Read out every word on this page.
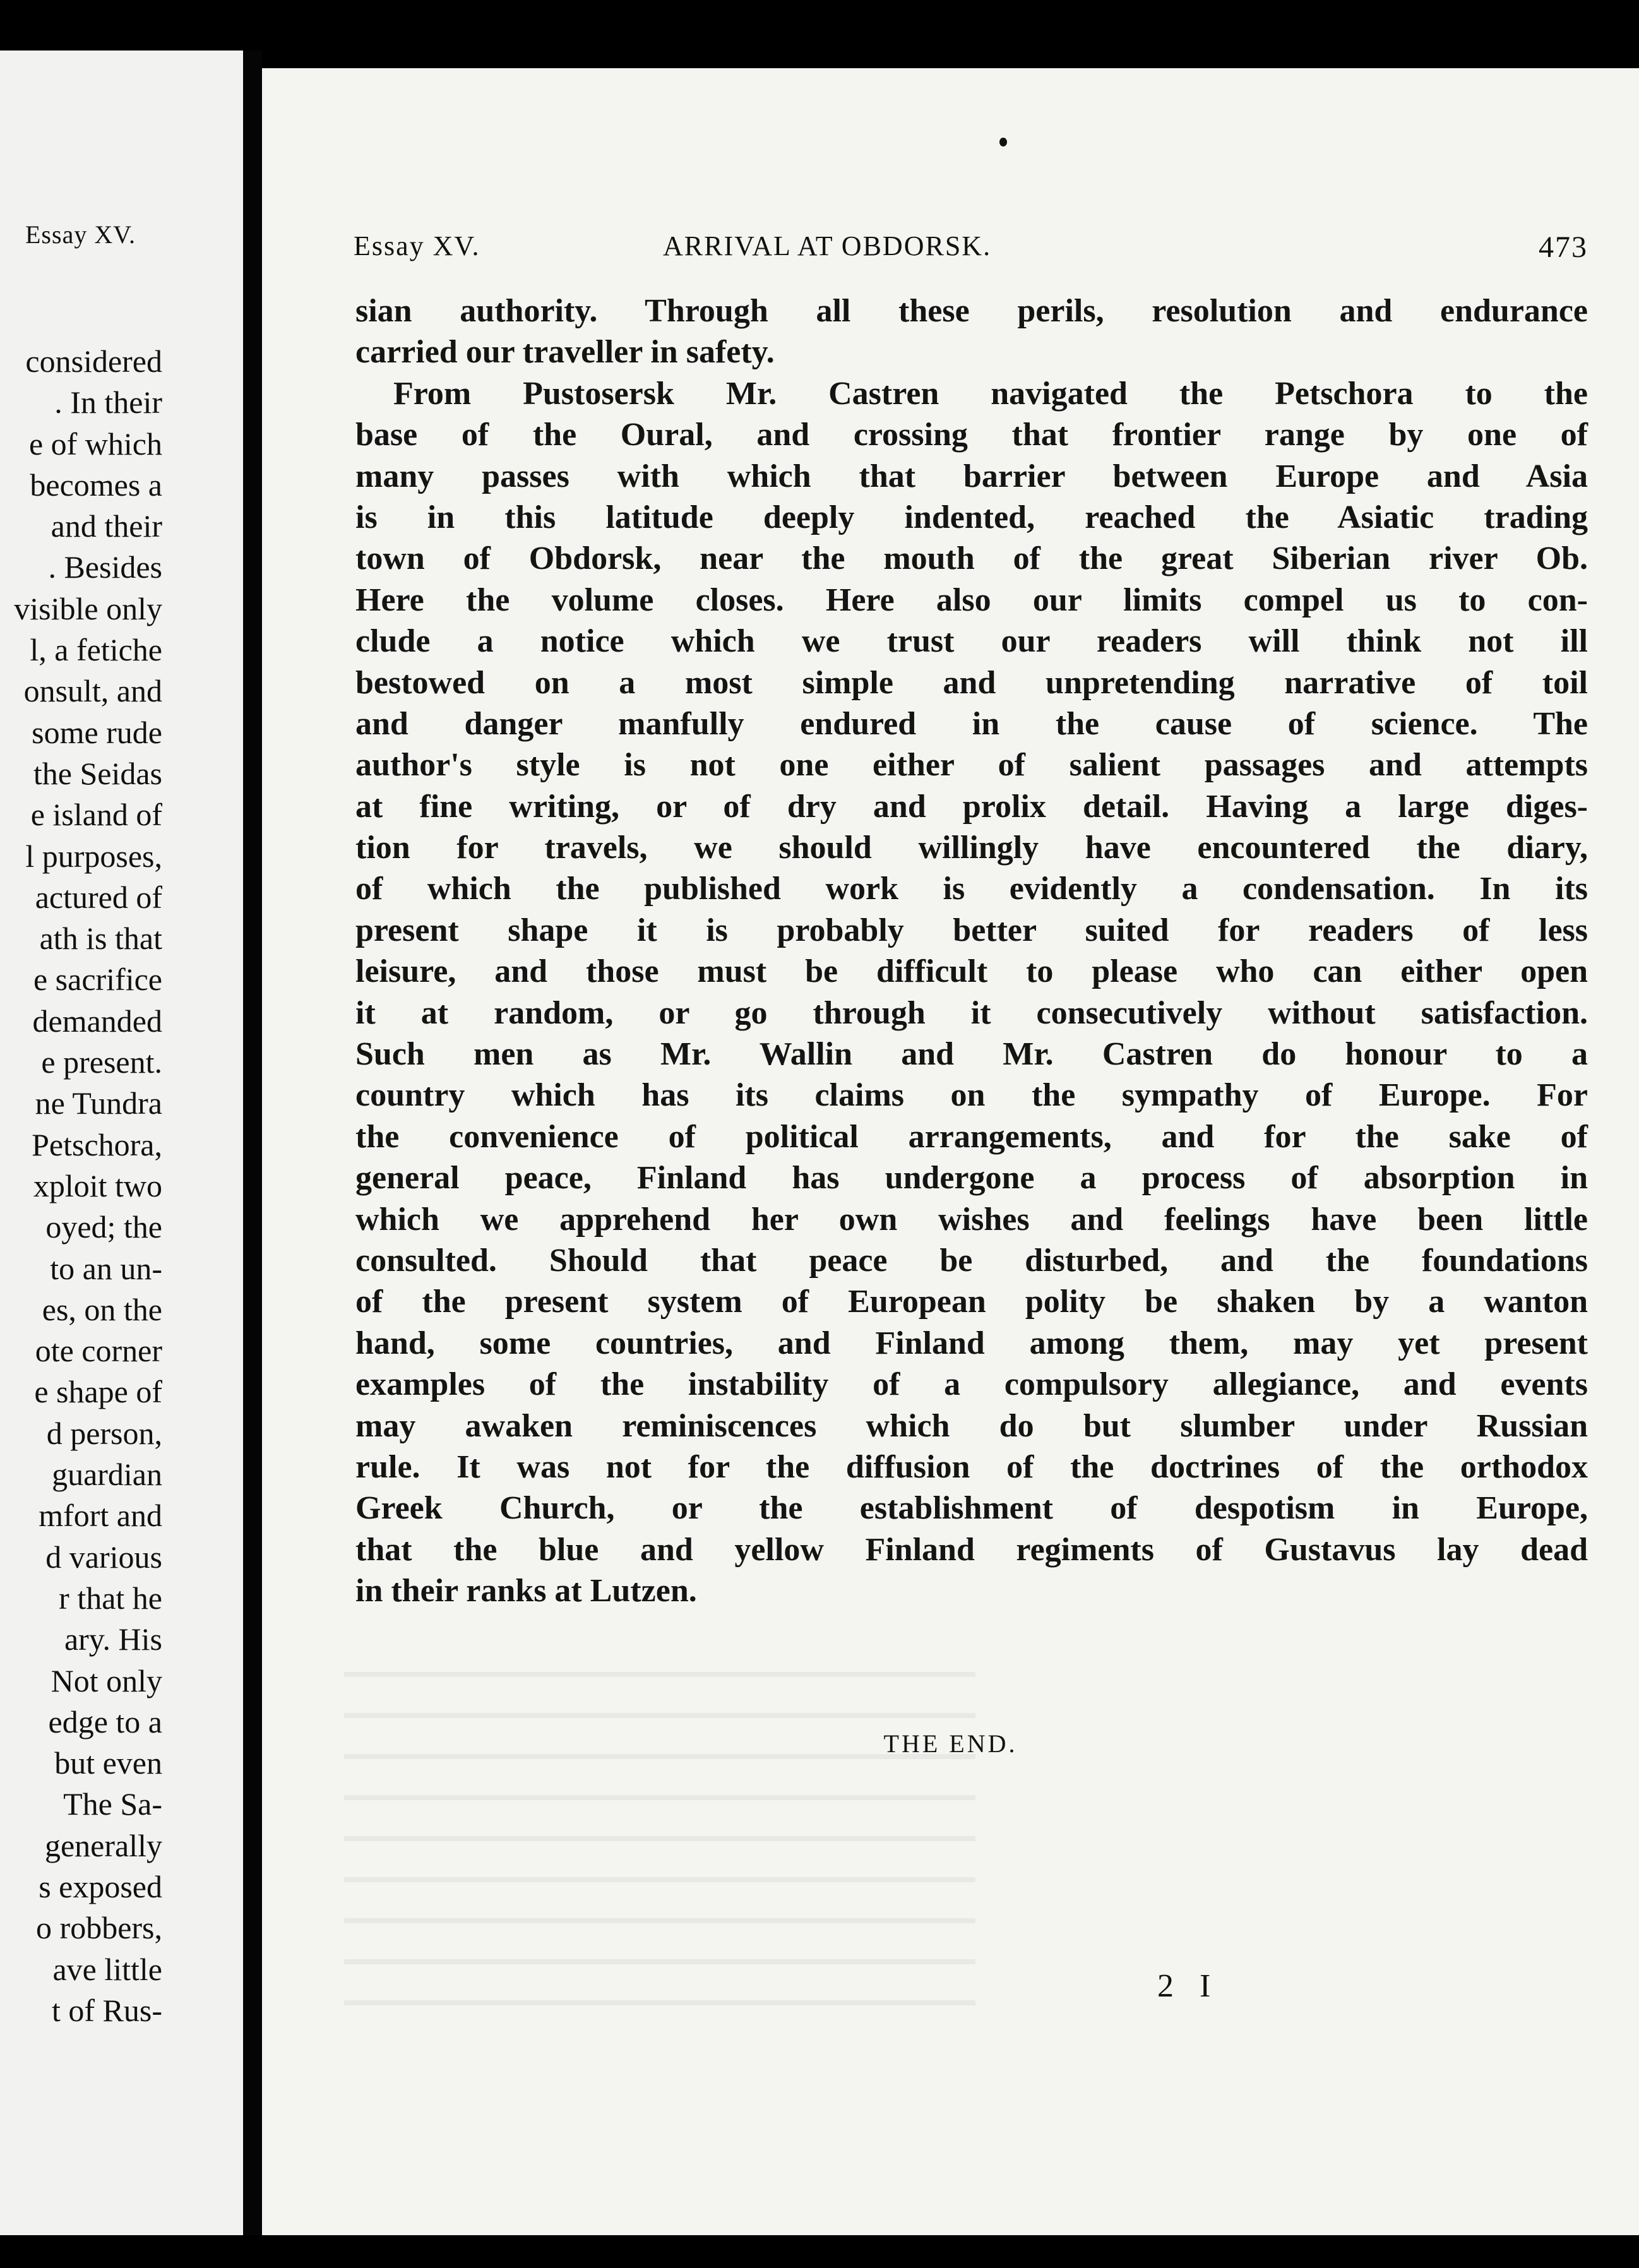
Essay XV.
considered
. In their
e of which
becomes a
and their
. Besides
visible only
l, a fetiche
onsult, and
some rude
the Seidas
e island of
l purposes,
actured of
ath is that
e sacrifice
demanded
e present.
ne Tundra
Petschora,
xploit two
oyed; the
to an un-
es, on the
ote corner
e shape of
d person,
guardian
mfort and
d various
r that he
ary. His
Not only
edge to a
but even
The Sa-
generally
s exposed
o robbers,
ave little
t of Rus-
Essay XV.	ARRIVAL AT OBDORSK.	473
sian authority. Through all these perils, resolution and endurance
carried our traveller in safety.
From Pustosersk Mr. Castren navigated the Petschora to the
base of the Oural, and crossing that frontier range by one of
many passes with which that barrier between Europe and Asia
is in this latitude deeply indented, reached the Asiatic trading
town of Obdorsk, near the mouth of the great Siberian river Ob.
Here the volume closes. Here also our limits compel us to con-
clude a notice which we trust our readers will think not ill
bestowed on a most simple and unpretending narrative of toil
and danger manfully endured in the cause of science. The
author's style is not one either of salient passages and attempts
at fine writing, or of dry and prolix detail. Having a large diges-
tion for travels, we should willingly have encountered the diary,
of which the published work is evidently a condensation. In its
present shape it is probably better suited for readers of less
leisure, and those must be difficult to please who can either open
it at random, or go through it consecutively without satisfaction.
Such men as Mr. Wallin and Mr. Castren do honour to a
country which has its claims on the sympathy of Europe. For
the convenience of political arrangements, and for the sake of
general peace, Finland has undergone a process of absorption in
which we apprehend her own wishes and feelings have been little
consulted. Should that peace be disturbed, and the foundations
of the present system of European polity be shaken by a wanton
hand, some countries, and Finland among them, may yet present
examples of the instability of a compulsory allegiance, and events
may awaken reminiscences which do but slumber under Russian
rule. It was not for the diffusion of the doctrines of the orthodox
Greek Church, or the establishment of despotism in Europe,
that the blue and yellow Finland regiments of Gustavus lay dead
in their ranks at Lutzen.
THE END.
2 I
